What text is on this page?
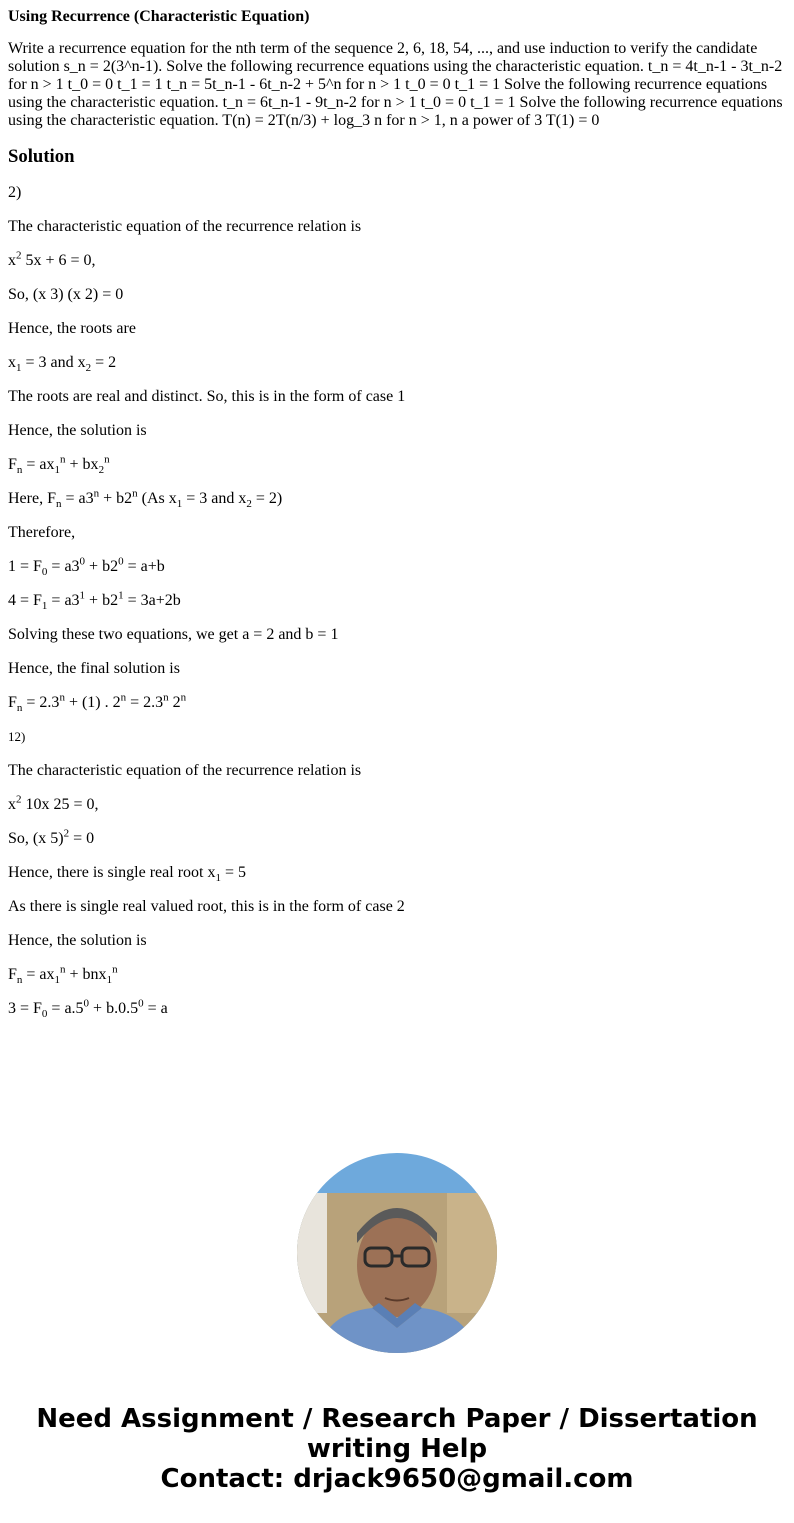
Using Recurrence (Characteristic Equation)
Write a recurrence equation for the nth term of the sequence 2, 6, 18, 54, ..., and use induction to verify the candidate solution s_n = 2(3^n-1). Solve the following recurrence equations using the characteristic equation. t_n = 4t_n-1 - 3t_n-2 for n > 1 t_0 = 0 t_1 = 1 t_n = 5t_n-1 - 6t_n-2 + 5^n for n > 1 t_0 = 0 t_1 = 1 Solve the following recurrence equations using the characteristic equation. t_n = 6t_n-1 - 9t_n-2 for n > 1 t_0 = 0 t_1 = 1 Solve the following recurrence equations using the characteristic equation. T(n) = 2T(n/3) + log_3 n for n > 1, n a power of 3 T(1) = 0
Solution
2)
The characteristic equation of the recurrence relation is
$x^2$ 5x + 6 = 0,
So, (x 3) (x 2) = 0
Hence, the roots are
$x_1 = 3$ and $x_2 = 2$
The roots are real and distinct. So, this is in the form of case 1
Hence, the solution is
$F_n = ax_1^n + bx_2^n$
Here, $F_n = a3^n + b2^n$ (As $x_1 = 3$ and $x_2 = 2$)
Therefore,
$1 = F_0 = a3^0 + b2^0 = a+b$
$4 = F_1 = a3^1 + b2^1 = 3a+2b$
Solving these two equations, we get a = 2 and b = 1
Hence, the final solution is
$F_n = 2.3^n + (1)$ . $2^n = 2.3^n$ 2$^n$
12)
The characteristic equation of the recurrence relation is
$x^2$ 10x 25 = 0,
So, (x 5)$^2$ = 0
Hence, there is single real root $x_1 = 5$
As there is single real valued root, this is in the form of case 2
Hence, the solution is
$F_n = ax_1^n + bnx_1^n$
$3 = F_0 = a.5^0 + b.0.5^0 = a$
Need Assignment / Research Paper / Dissertation
writing Help
Contact: drjack9650@gmail.com
